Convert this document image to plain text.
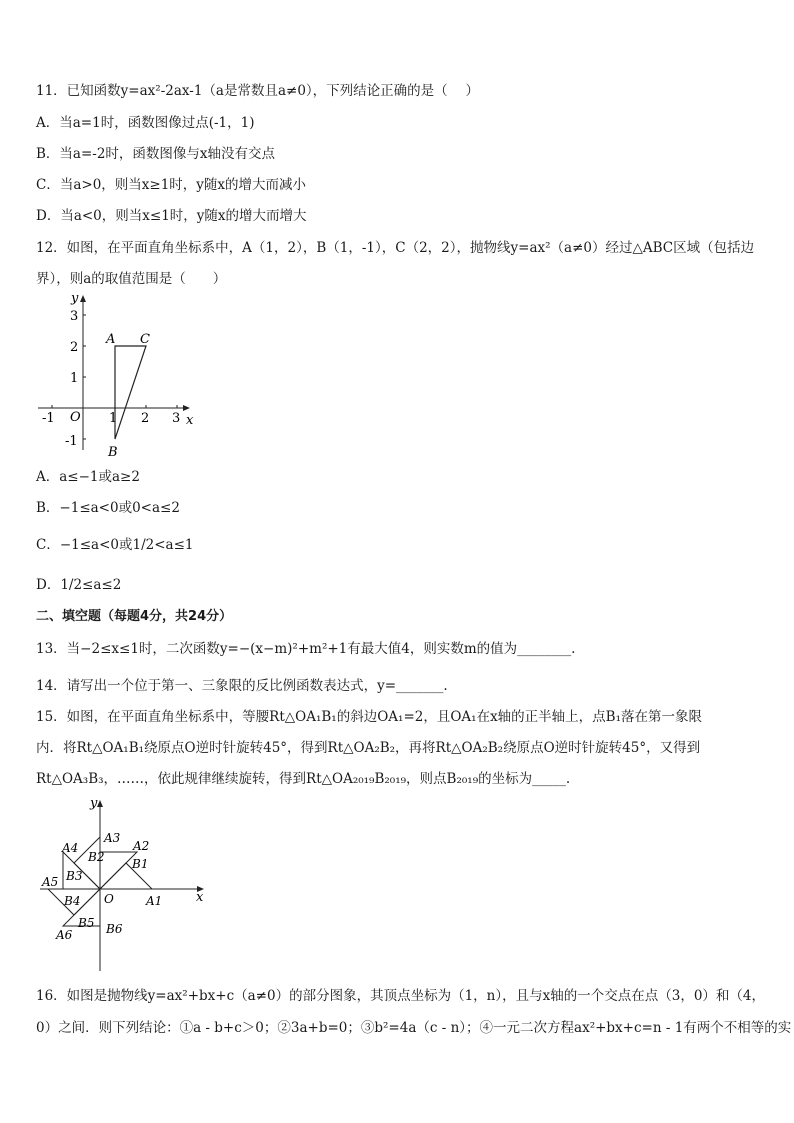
11．已知函数y=ax²-2ax-1（a是常数且a≠0），下列结论正确的是（　 ）
A．当a=1时，函数图像过点(-1，1)
B．当a=-2时，函数图像与x轴没有交点
C．当a>0，则当x≥1时，y随x的增大而减小
D．当a<0，则当x≤1时，y随x的增大而增大
12．如图，在平面直角坐标系中，A（1，2），B（1，-1），C（2，2），抛物线y=ax²（a≠0）经过△ABC区域（包括边
界），则a的取值范围是（　　）
x
y
O
-1	1 2 3
3
2
1
-1
A C
B
A．a≤−1或a≥2
B．−1≤a<0或0<a≤2
C．−1≤a<0或1/2<a≤1
D．1/2≤a≤2
二、填空题（每题4分，共24分）
13．当−2≤x≤1时，二次函数y=−(x−m)²+m²+1有最大值4，则实数m的值为________.
14．请写出一个位于第一、三象限的反比例函数表达式，y=_______.
15．如图，在平面直角坐标系中，等腰Rt△OA₁B₁的斜边OA₁=2，且OA₁在x轴的正半轴上，点B₁落在第一象限
内．将Rt△OA₁B₁绕原点O逆时针旋转45°，得到Rt△OA₂B₂，再将Rt△OA₂B₂绕原点O逆时针旋转45°，又得到
Rt△OA₃B₃，……，依此规律继续旋转，得到Rt△OA₂₀₁₉B₂₀₁₉，则点B₂₀₁₉的坐标为_____.
x
y
O	A1
B1
A2
B2
A3
A4
B3
A5
B4
B5
A6	B6
16．如图是抛物线y=ax²+bx+c（a≠0）的部分图象，其顶点坐标为（1，n），且与x轴的一个交点在点（3，0）和（4，
0）之间．则下列结论：①a - b+c＞0；②3a+b=0；③b²=4a（c - n）；④一元二次方程ax²+bx+c=n - 1有两个不相等的实
